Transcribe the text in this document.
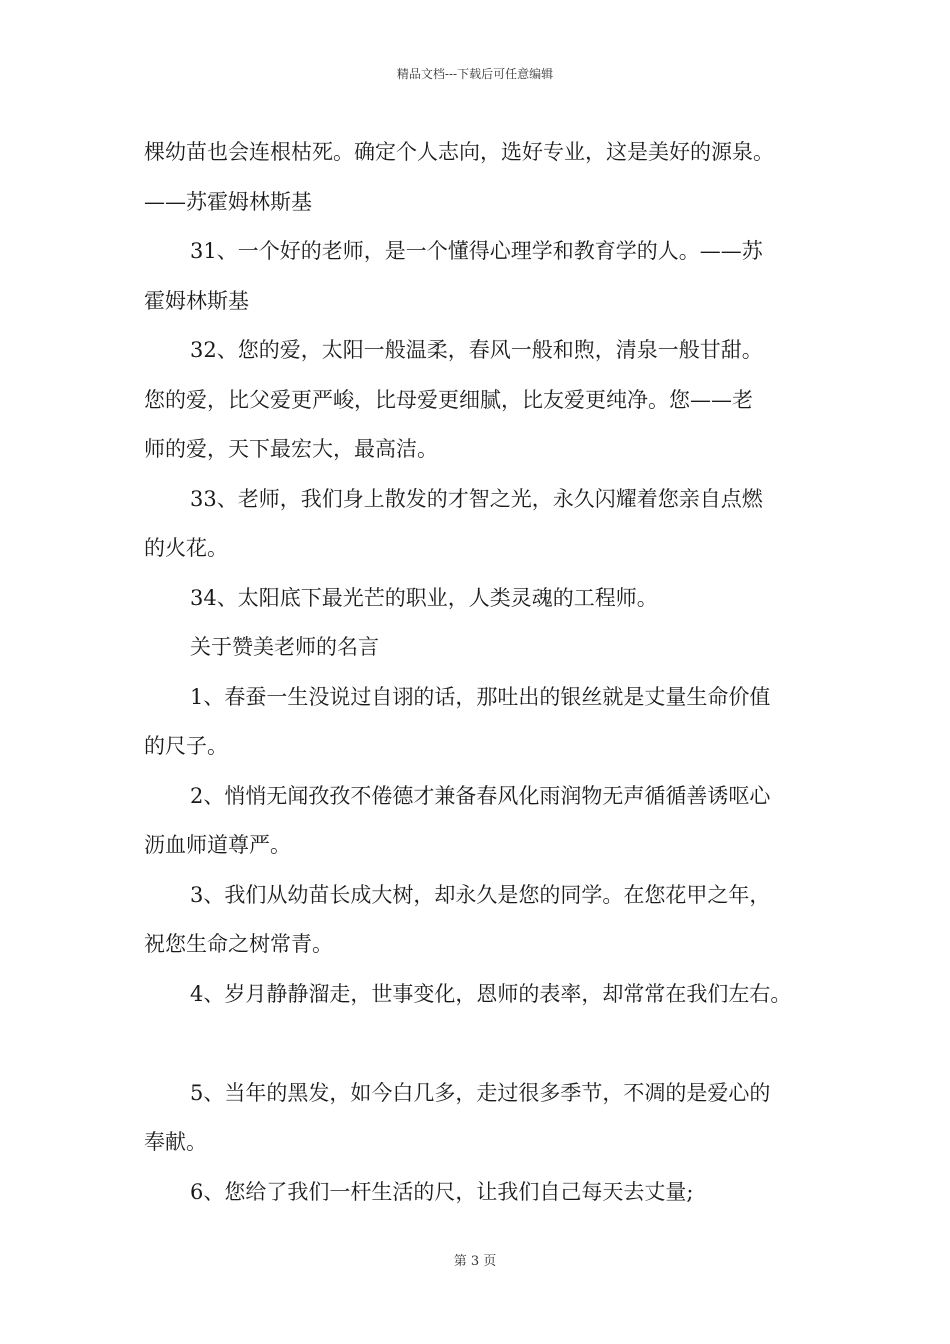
精品文档---下载后可任意编辑
棵幼苗也会连根枯死。确定个人志向，选好专业，这是美好的源泉。
——苏霍姆林斯基
31、一个好的老师，是一个懂得心理学和教育学的人。——苏
霍姆林斯基
32、您的爱，太阳一般温柔，春风一般和煦，清泉一般甘甜。
您的爱，比父爱更严峻，比母爱更细腻，比友爱更纯净。您——老
师的爱，天下最宏大，最高洁。
33、老师，我们身上散发的才智之光，永久闪耀着您亲自点燃
的火花。
34、太阳底下最光芒的职业，人类灵魂的工程师。
关于赞美老师的名言
1、春蚕一生没说过自诩的话，那吐出的银丝就是丈量生命价值
的尺子。
2、悄悄无闻孜孜不倦德才兼备春风化雨润物无声循循善诱呕心
沥血师道尊严。
3、我们从幼苗长成大树，却永久是您的同学。在您花甲之年，
祝您生命之树常青。
4、岁月静静溜走，世事变化，恩师的表率，却常常在我们左右。
5、当年的黑发，如今白几多，走过很多季节，不凋的是爱心的
奉献。
6、您给了我们一杆生活的尺，让我们自己每天去丈量;
第 3 页
